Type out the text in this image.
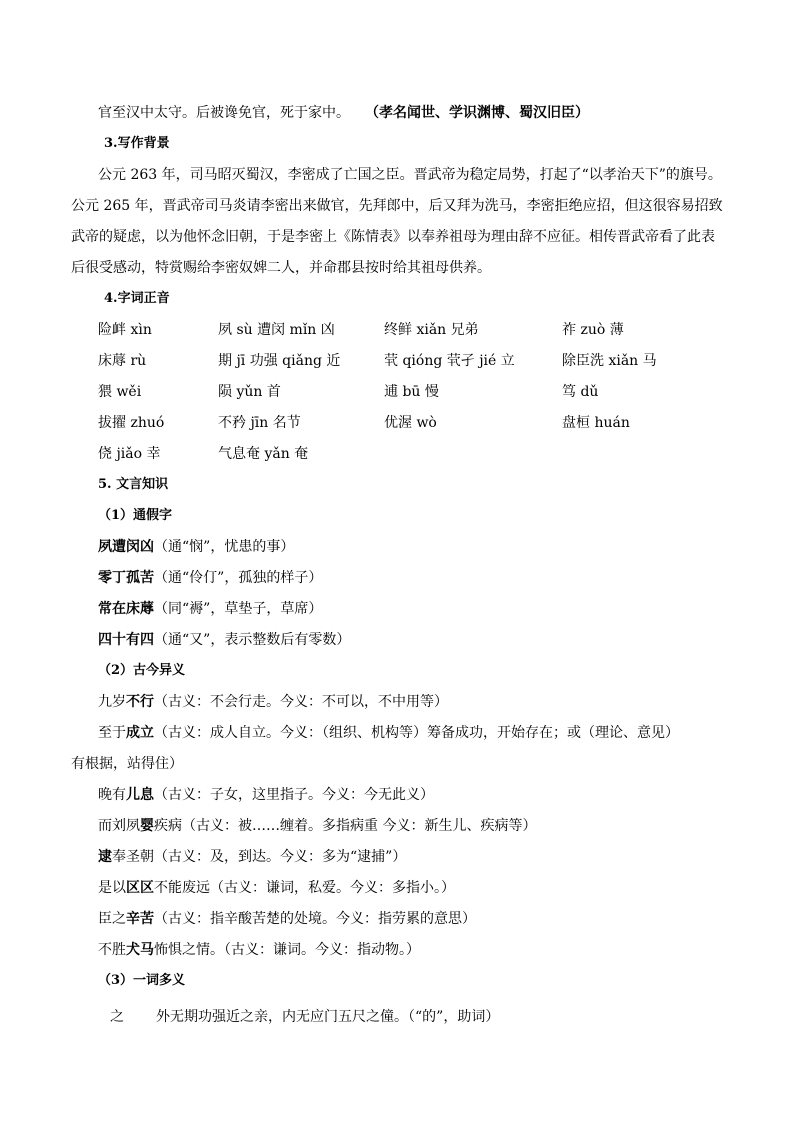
官至汉中太守。后被谗免官，死于家中。 （孝名闻世、学识渊博、蜀汉旧臣）
3.写作背景
公元 263 年，司马昭灭蜀汉，李密成了亡国之臣。晋武帝为稳定局势，打起了“以孝治天下”的旗号。
公元 265 年，晋武帝司马炎请李密出来做官，先拜郎中，后又拜为洗马，李密拒绝应招，但这很容易招致
武帝的疑虑，以为他怀念旧朝，于是李密上《陈情表》以奉养祖母为理由辞不应征。相传晋武帝看了此表
后很受感动，特赏赐给李密奴婢二人，并命郡县按时给其祖母供养。
4.字词正音
险衅 xìn	夙 sù 遭闵 mǐn 凶	终鲜 xiǎn 兄弟	祚 zuò 薄
床蓐 rù	期 jī 功强 qiǎng 近	茕 qióng 茕孑 jié 立	除臣洗 xiǎn 马
猥 wěi	陨 yǔn 首	逋 bū 慢	笃 dǔ
拔擢 zhuó	不矜 jīn 名节	优渥 wò	盘桓 huán
侥 jiǎo 幸	气息奄 yǎn 奄
5. 文言知识
（1）通假字
夙遭闵凶（通“悯”，忧患的事）
零丁孤苦（通“伶仃”，孤独的样子）
常在床蓐（同“褥”，草垫子，草席）
四十有四（通“又”，表示整数后有零数）
（2）古今异义
九岁不行（古义：不会行走。今义：不可以，不中用等）
至于成立（古义：成人自立。今义：（组织、机构等）筹备成功，开始存在；或（理论、意见）
有根据，站得住）
晚有儿息（古义：子女，这里指子。今义：今无此义）
而刘夙婴疾病（古义：被……缠着。多指病重 今义：新生儿、疾病等）
逮奉圣朝（古义：及，到达。今义：多为“逮捕”）
是以区区不能废远（古义：谦词，私爱。今义：多指小。）
臣之辛苦（古义：指辛酸苦楚的处境。今义：指劳累的意思）
不胜犬马怖惧之情。（古义：谦词。今义：指动物。）
（3）一词多义
之 外无期功强近之亲，内无应门五尺之僮。（“的”，助词）
